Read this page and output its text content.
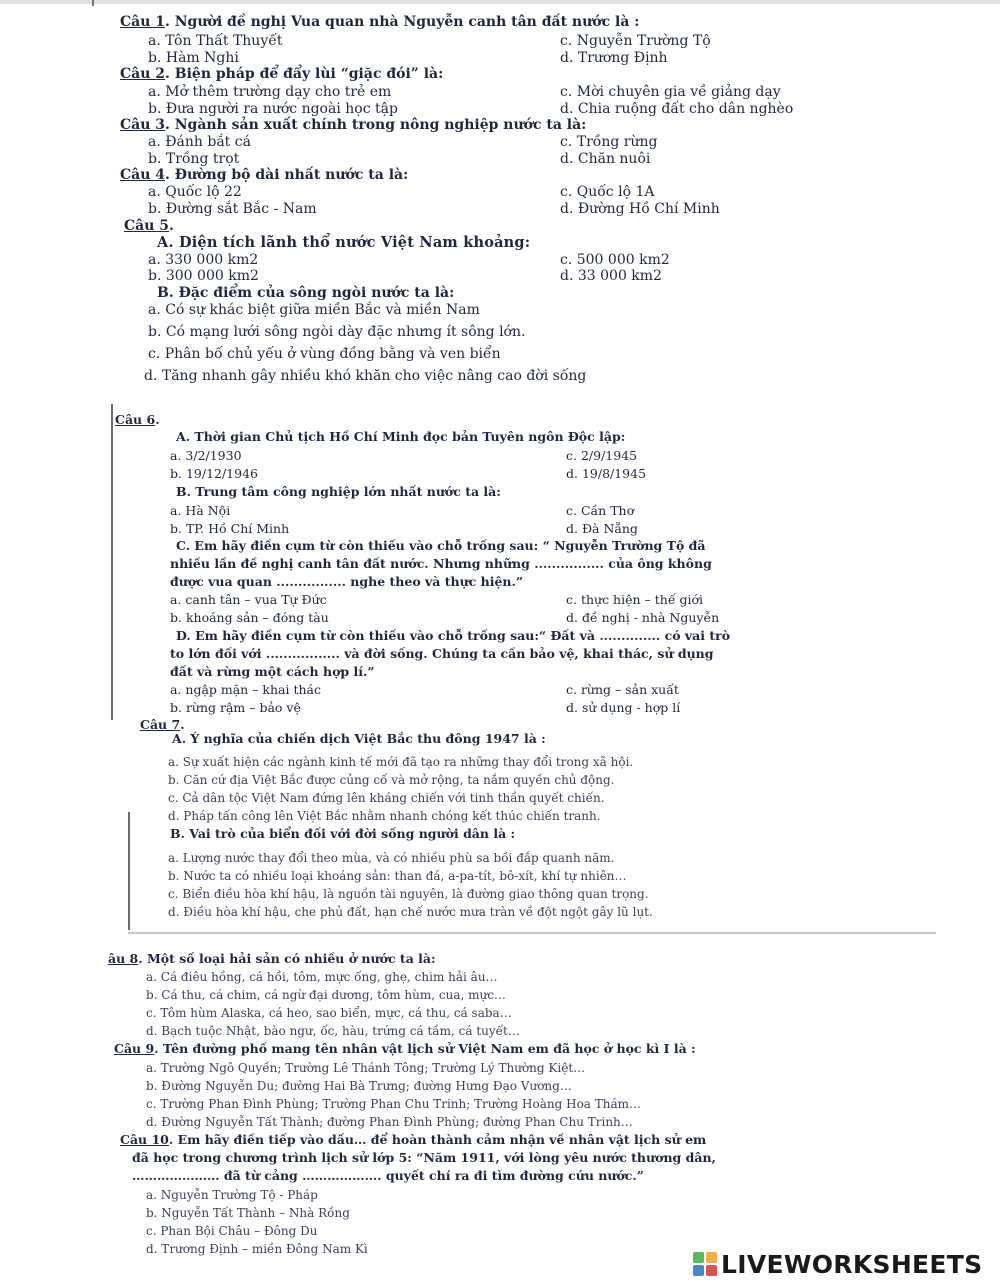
Câu 1. Người đề nghị Vua quan nhà Nguyễn canh tân đất nước là :
a. Tôn Thất Thuyết	c. Nguyễn Trường Tộ
b. Hàm Nghi	d. Trương Định
Câu 2. Biện pháp để đẩy lùi “giặc đói” là:
a. Mở thêm trường dạy cho trẻ em	c. Mời chuyên gia về giảng dạy
b. Đưa người ra nước ngoài học tập	d. Chia ruộng đất cho dân nghèo
Câu 3. Ngành sản xuất chính trong nông nghiệp nước ta là:
a. Đánh bắt cá	c. Trồng rừng
b. Trồng trọt	d. Chăn nuôi
Câu 4. Đường bộ dài nhất nước ta là:
a. Quốc lộ 22	c. Quốc lộ 1A
b. Đường sắt Bắc - Nam	d. Đường Hồ Chí Minh
Câu 5.
A. Diện tích lãnh thổ nước Việt Nam khoảng:
a. 330 000 km2	c. 500 000 km2
b. 300 000 km2	d. 33 000 km2
B. Đặc điểm của sông ngòi nước ta là:
a. Có sự khác biệt giữa miền Bắc và miền Nam
b. Có mạng lưới sông ngòi dày đặc nhưng ít sông lớn.
c. Phân bố chủ yếu ở vùng đồng bằng và ven biển
d. Tăng nhanh gây nhiều khó khăn cho việc nâng cao đời sống
Câu 6.
A. Thời gian Chủ tịch Hồ Chí Minh đọc bản Tuyên ngôn Độc lập:
a. 3/2/1930	c. 2/9/1945
b. 19/12/1946	d. 19/8/1945
B. Trung tâm công nghiệp lớn nhất nước ta là:
a. Hà Nội	c. Cần Thơ
b. TP. Hồ Chí Minh	d. Đà Nẵng
C. Em hãy điền cụm từ còn thiếu vào chỗ trống sau: “ Nguyễn Trường Tộ đã
nhiều lần đề nghị canh tân đất nước. Nhưng những ................ của ông không
được vua quan ................ nghe theo và thực hiện.”
a. canh tân – vua Tự Đức	c. thực hiện – thế giới
b. khoáng sản – đóng tàu	d. đề nghị - nhà Nguyễn
D. Em hãy điền cụm từ còn thiếu vào chỗ trống sau:“ Đất và .............. có vai trò
to lớn đối với ................. và đời sống. Chúng ta cần bảo vệ, khai thác, sử dụng
đất và rừng một cách hợp lí.”
a. ngập mặn – khai thác	c. rừng – sản xuất
b. rừng rậm – bảo vệ	d. sử dụng - hợp lí
Câu 7.
A. Ý nghĩa của chiến dịch Việt Bắc thu đông 1947 là :
a. Sự xuất hiện các ngành kinh tế mới đã tạo ra những thay đổi trong xã hội.
b. Căn cứ địa Việt Bắc được củng cố và mở rộng, ta nắm quyền chủ động.
c. Cả dân tộc Việt Nam đứng lên kháng chiến với tinh thần quyết chiến.
d. Pháp tấn công lên Việt Bắc nhằm nhanh chóng kết thúc chiến tranh.
B. Vai trò của biển đối với đời sống người dân là :
a. Lượng nước thay đổi theo mùa, và có nhiều phù sa bồi đắp quanh năm.
b. Nước ta có nhiều loại khoáng sản: than đá, a-pa-tít, bô-xít, khí tự nhiên…
c. Biển điều hòa khí hậu, là nguồn tài nguyên, là đường giao thông quan trọng.
d. Điều hòa khí hậu, che phủ đất, hạn chế nước mưa tràn về đột ngột gây lũ lụt.
âu 8. Một số loại hải sản có nhiều ở nước ta là:
a. Cá điêu hồng, cá hồi, tôm, mực ống, ghẹ, chim hải âu…
b. Cá thu, cá chim, cá ngừ đại dương, tôm hùm, cua, mực…
c. Tôm hùm Alaska, cá heo, sao biển, mực, cá thu, cá saba…
d. Bạch tuộc Nhật, bào ngư, ốc, hàu, trứng cá tầm, cá tuyết…
Câu 9. Tên đường phố mang tên nhân vật lịch sử Việt Nam em đã học ở học kì I là :
a. Trường Ngô Quyền; Trường Lê Thánh Tông; Trường Lý Thường Kiệt…
b. Đường Nguyễn Du; đường Hai Bà Trưng; đường Hưng Đạo Vương…
c. Trường Phan Đình Phùng; Trường Phan Chu Trinh; Trường Hoàng Hoa Thám…
d. Đường Nguyễn Tất Thành; đường Phan Đình Phùng; đường Phan Chu Trinh…
Câu 10. Em hãy điền tiếp vào dấu… để hoàn thành cảm nhận về nhân vật lịch sử em
đã học trong chương trình lịch sử lớp 5: “Năm 1911, với lòng yêu nước thương dân,
………………… đã từ cảng ………………. quyết chí ra đi tìm đường cứu nước.”
a. Nguyễn Trường Tộ - Pháp
b. Nguyễn Tất Thành – Nhà Rồng
c. Phan Bội Châu – Đông Du
d. Trương Định – miền Đông Nam Kì
LIVEWORKSHEETS
